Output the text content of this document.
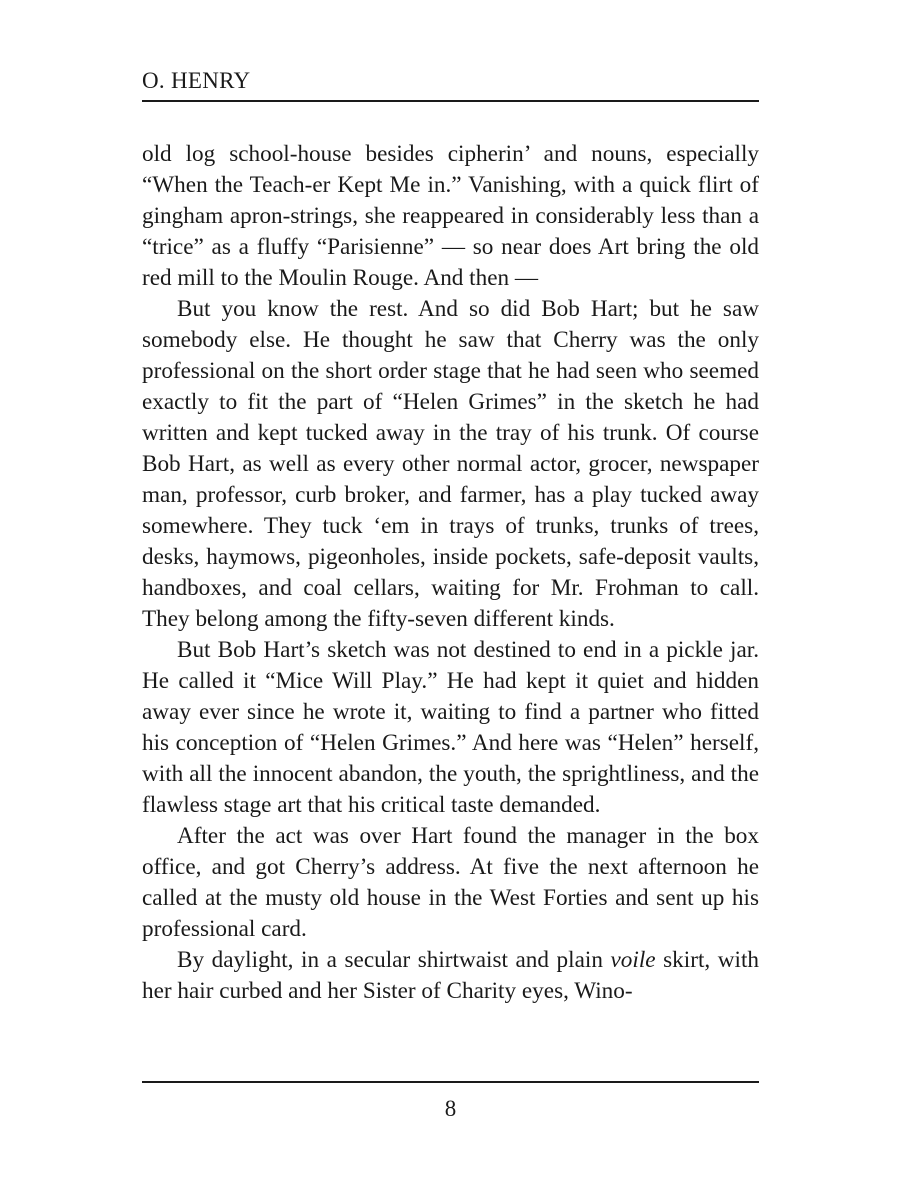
O. HENRY

old log school-house besides cipherin’ and nouns, especially “When the Teach-er Kept Me in.” Vanishing, with a quick flirt of gingham apron-strings, she reappeared in considerably less than a “trice” as a fluffy “Parisienne” — so near does Art bring the old red mill to the Moulin Rouge. And then —

But you know the rest. And so did Bob Hart; but he saw somebody else. He thought he saw that Cherry was the only professional on the short order stage that he had seen who seemed exactly to fit the part of “Helen Grimes” in the sketch he had written and kept tucked away in the tray of his trunk. Of course Bob Hart, as well as every other normal actor, grocer, newspaper man, professor, curb broker, and farmer, has a play tucked away somewhere. They tuck ‘em in trays of trunks, trunks of trees, desks, haymows, pigeonholes, inside pockets, safe-deposit vaults, handboxes, and coal cellars, waiting for Mr. Frohman to call. They belong among the fifty-seven different kinds.

But Bob Hart’s sketch was not destined to end in a pickle jar. He called it “Mice Will Play.” He had kept it quiet and hidden away ever since he wrote it, waiting to find a partner who fitted his conception of “Helen Grimes.” And here was “Helen” herself, with all the innocent abandon, the youth, the sprightliness, and the flawless stage art that his critical taste demanded.

After the act was over Hart found the manager in the box office, and got Cherry’s address. At five the next afternoon he called at the musty old house in the West Forties and sent up his professional card.

By daylight, in a secular shirtwaist and plain voile skirt, with her hair curbed and her Sister of Charity eyes, Wino-

8
